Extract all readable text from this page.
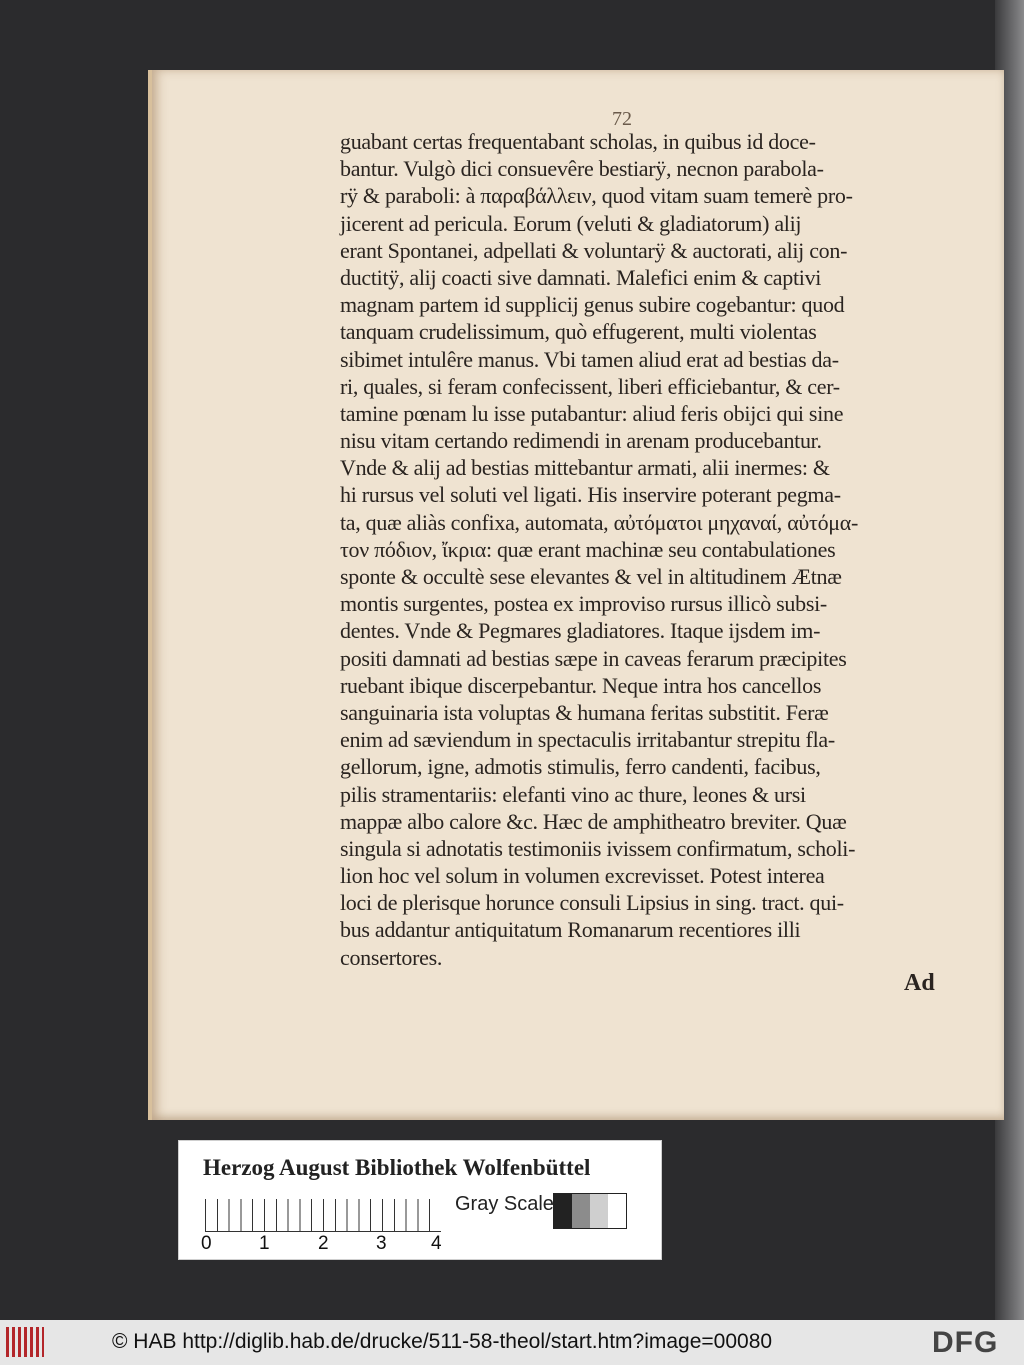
72
guabant certas frequentabant scholas, in quibus id doce-
bantur. Vulgò dici consuevêre bestiarÿ, necnon parabola-
rÿ & paraboli: à παραβάλλειν, quod vitam suam temerè pro-
jicerent ad pericula. Eorum (veluti & gladiatorum) alij
erant Spontanei, adpellati & voluntarÿ & auctorati, alij con-
ductitÿ, alij coacti sive damnati. Malefici enim & captivi
magnam partem id supplicij genus subire cogebantur: quod
tanquam crudelissimum, quò effugerent, multi violentas
sibimet intulêre manus. Vbi tamen aliud erat ad bestias da-
ri, quales, si feram confecissent, liberi efficiebantur, & cer-
tamine pœnam lu isse putabantur: aliud feris obijci qui sine
nisu vitam certando redimendi in arenam producebantur.
Vnde & alij ad bestias mittebantur armati, alii inermes: &
hi rursus vel soluti vel ligati. His inservire poterant pegma-
ta, quæ aliàs confixa, automata, αὐτόματοι μηχαναί, αὐτόμα-
τον πόδιον, ἴκρια: quæ erant machinæ seu contabulationes
sponte & occultè sese elevantes & vel in altitudinem Ætnæ
montis surgentes, postea ex improviso rursus illicò subsi-
dentes. Vnde & Pegmares gladiatores. Itaque ijsdem im-
positi damnati ad bestias sæpe in caveas ferarum præcipites
ruebant ibique discerpebantur. Neque intra hos cancellos
sanguinaria ista voluptas & humana feritas substitit. Feræ
enim ad sæviendum in spectaculis irritabantur strepitu fla-
gellorum, igne, admotis stimulis, ferro candenti, facibus,
pilis stramentariis: elefanti vino ac thure, leones & ursi
mappæ albo calore &c. Hæc de amphitheatro breviter. Quæ
singula si adnotatis testimoniis ivissem confirmatum, scholi-
lion hoc vel solum in volumen excrevisset. Potest interea
loci de plerisque horunce consuli Lipsius in sing. tract. qui-
bus addantur antiquitatum Romanarum recentiores illi
consertores.
Ad
Herzog August Bibliothek Wolfenbüttel
0 1	2 3 4
Gray Scale
© HAB http://diglib.hab.de/drucke/511-58-theol/start.htm?image=00080	DFG
